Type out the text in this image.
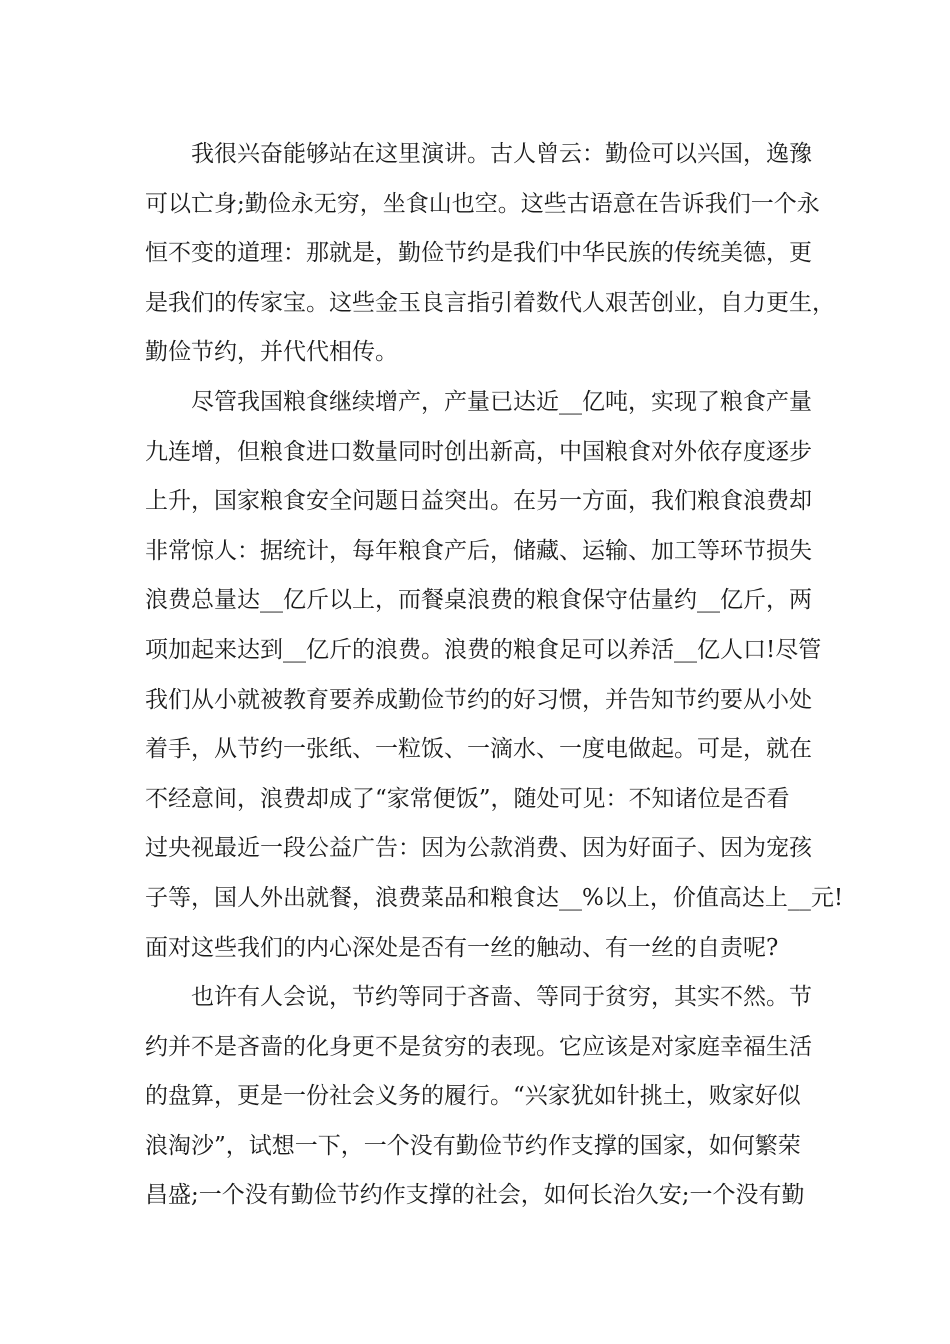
我很兴奋能够站在这里演讲。古人曾云：勤俭可以兴国，逸豫
可以亡身;勤俭永无穷，坐食山也空。这些古语意在告诉我们一个永
恒不变的道理：那就是，勤俭节约是我们中华民族的传统美德，更
是我们的传家宝。这些金玉良言指引着数代人艰苦创业，自力更生，
勤俭节约，并代代相传。
尽管我国粮食继续增产，产量已达近__亿吨，实现了粮食产量
九连增，但粮食进口数量同时创出新高，中国粮食对外依存度逐步
上升，国家粮食安全问题日益突出。在另一方面，我们粮食浪费却
非常惊人：据统计，每年粮食产后，储藏、运输、加工等环节损失
浪费总量达__亿斤以上，而餐桌浪费的粮食保守估量约__亿斤，两
项加起来达到__亿斤的浪费。浪费的粮食足可以养活__亿人口!尽管
我们从小就被教育要养成勤俭节约的好习惯，并告知节约要从小处
着手，从节约一张纸、一粒饭、一滴水、一度电做起。可是，就在
不经意间，浪费却成了“家常便饭”，随处可见：不知诸位是否看
过央视最近一段公益广告：因为公款消费、因为好面子、因为宠孩
子等，国人外出就餐，浪费菜品和粮食达__%以上，价值高达上__元!
面对这些我们的内心深处是否有一丝的触动、有一丝的自责呢?
也许有人会说，节约等同于吝啬、等同于贫穷，其实不然。节
约并不是吝啬的化身更不是贫穷的表现。它应该是对家庭幸福生活
的盘算，更是一份社会义务的履行。“兴家犹如针挑土，败家好似
浪淘沙”，试想一下，一个没有勤俭节约作支撑的国家，如何繁荣
昌盛;一个没有勤俭节约作支撑的社会，如何长治久安;一个没有勤
